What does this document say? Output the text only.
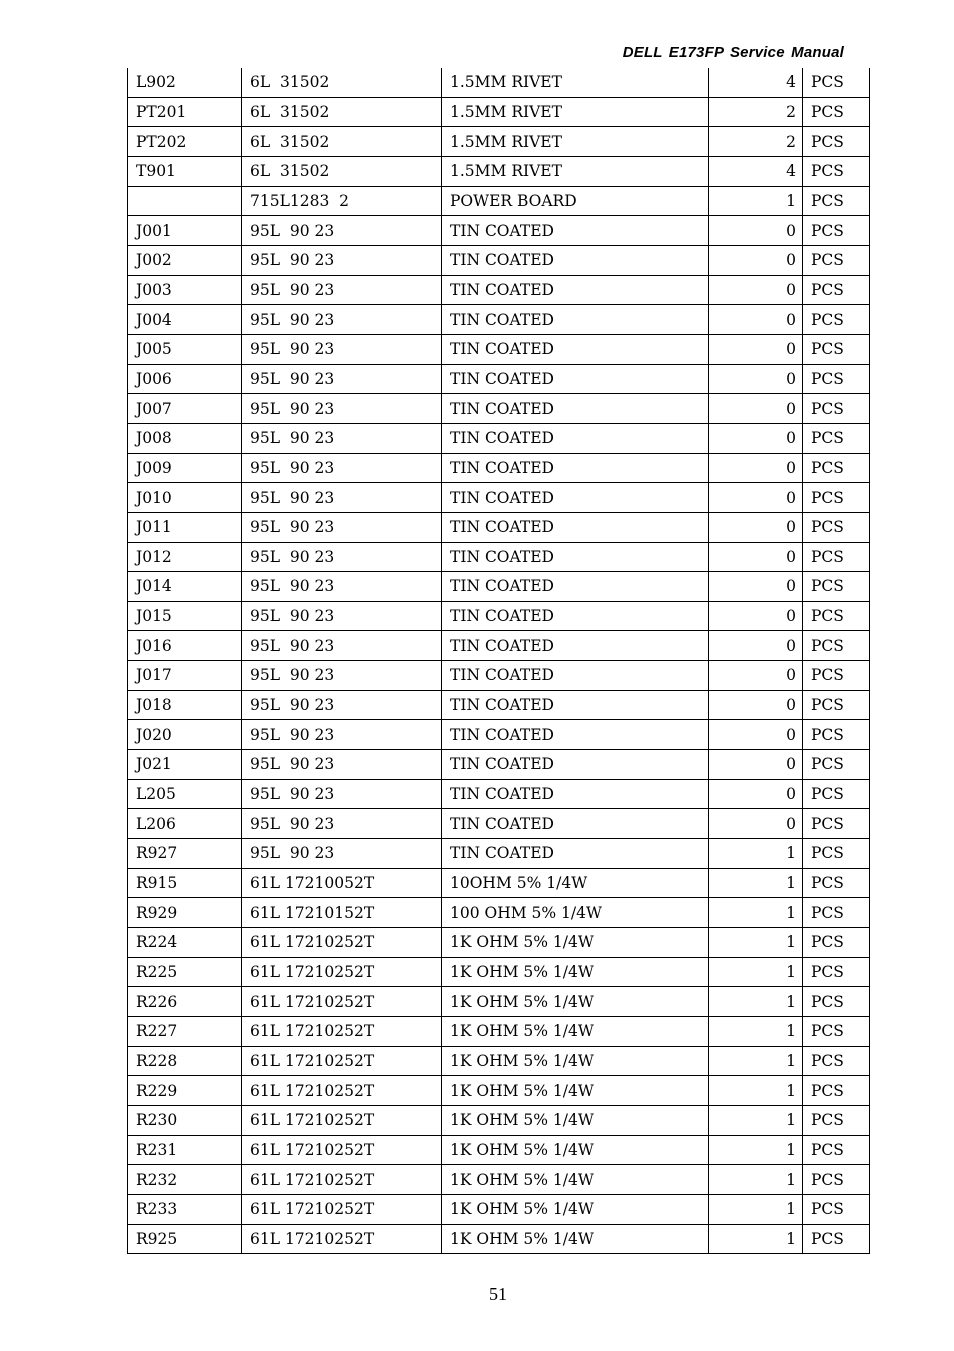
DELL E173FP Service Manual
L902	6L  31502	1.5MM RIVET	4	PCS
PT201	6L  31502	1.5MM RIVET	2	PCS
PT202	6L  31502	1.5MM RIVET	2	PCS
T901	6L  31502	1.5MM RIVET	4	PCS
	715L1283  2	POWER BOARD	1	PCS
J001	95L  90 23	TIN COATED	0	PCS
J002	95L  90 23	TIN COATED	0	PCS
J003	95L  90 23	TIN COATED	0	PCS
J004	95L  90 23	TIN COATED	0	PCS
J005	95L  90 23	TIN COATED	0	PCS
J006	95L  90 23	TIN COATED	0	PCS
J007	95L  90 23	TIN COATED	0	PCS
J008	95L  90 23	TIN COATED	0	PCS
J009	95L  90 23	TIN COATED	0	PCS
J010	95L  90 23	TIN COATED	0	PCS
J011	95L  90 23	TIN COATED	0	PCS
J012	95L  90 23	TIN COATED	0	PCS
J014	95L  90 23	TIN COATED	0	PCS
J015	95L  90 23	TIN COATED	0	PCS
J016	95L  90 23	TIN COATED	0	PCS
J017	95L  90 23	TIN COATED	0	PCS
J018	95L  90 23	TIN COATED	0	PCS
J020	95L  90 23	TIN COATED	0	PCS
J021	95L  90 23	TIN COATED	0	PCS
L205	95L  90 23	TIN COATED	0	PCS
L206	95L  90 23	TIN COATED	0	PCS
R927	95L  90 23	TIN COATED	1	PCS
R915	61L 17210052T	10OHM 5% 1/4W	1	PCS
R929	61L 17210152T	100 OHM 5% 1/4W	1	PCS
R224	61L 17210252T	1K OHM 5% 1/4W	1	PCS
R225	61L 17210252T	1K OHM 5% 1/4W	1	PCS
R226	61L 17210252T	1K OHM 5% 1/4W	1	PCS
R227	61L 17210252T	1K OHM 5% 1/4W	1	PCS
R228	61L 17210252T	1K OHM 5% 1/4W	1	PCS
R229	61L 17210252T	1K OHM 5% 1/4W	1	PCS
R230	61L 17210252T	1K OHM 5% 1/4W	1	PCS
R231	61L 17210252T	1K OHM 5% 1/4W	1	PCS
R232	61L 17210252T	1K OHM 5% 1/4W	1	PCS
R233	61L 17210252T	1K OHM 5% 1/4W	1	PCS
R925	61L 17210252T	1K OHM 5% 1/4W	1	PCS
51
